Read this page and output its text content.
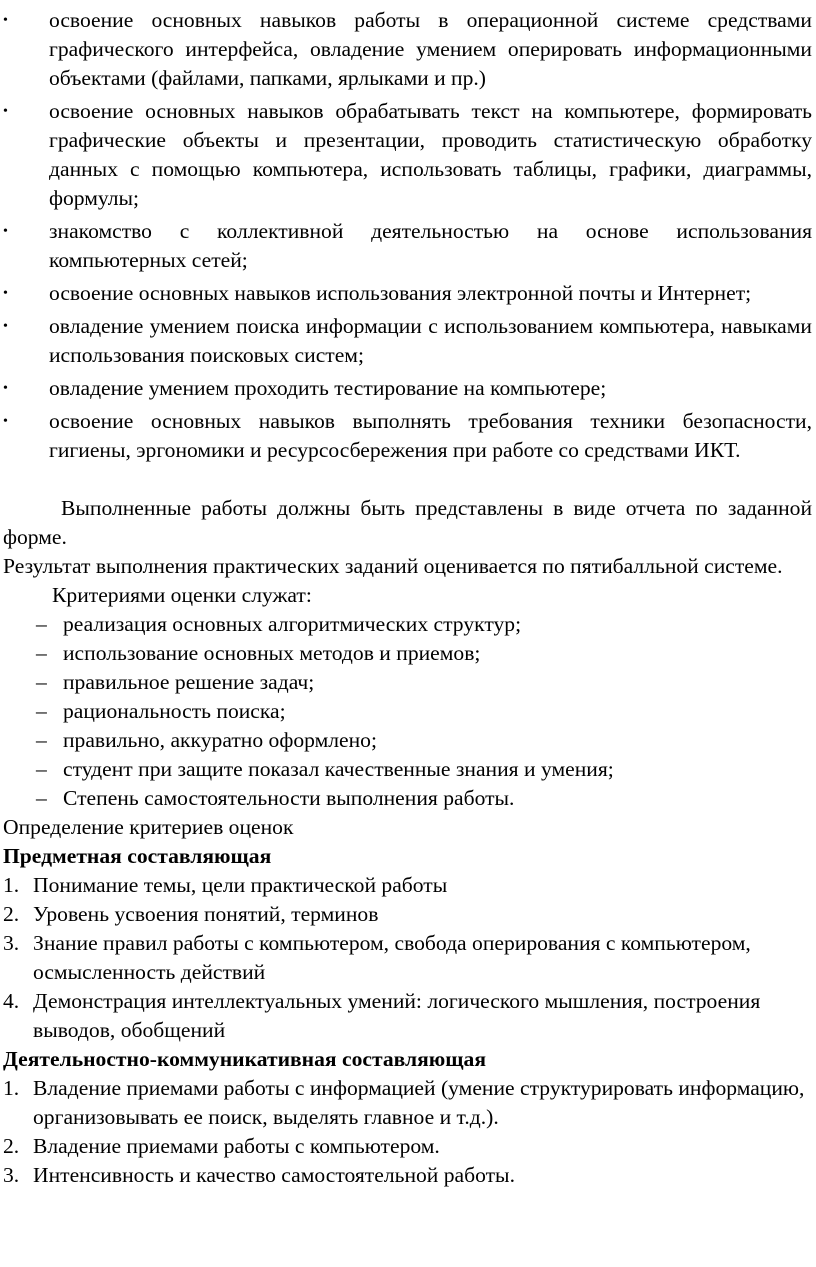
•	освоение основных навыков работы в операционной системе средствами графического интерфейса, овладение умением оперировать информационными объектами (файлами, папками, ярлыками и пр.)
•	освоение основных навыков обрабатывать текст на компьютере, формировать графические объекты и презентации, проводить статистическую обработку данных с помощью компьютера, использовать таблицы, графики, диаграммы, формулы;
•	знакомство с коллективной деятельностью на основе использования компьютерных сетей;
•	освоение основных навыков использования электронной почты и Интернет;
•	овладение умением поиска информации с использованием компьютера, навыками использования поисковых систем;
•	овладение умением проходить тестирование на компьютере;
•	освоение основных навыков выполнять требования техники безопасности, гигиены, эргономики и ресурсосбережения при работе со средствами ИКТ.

Выполненные работы должны быть представлены в виде отчета по заданной форме.

Результат выполнения практических заданий оценивается по пятибалльной системе.

Критериями оценки служат:

– реализация основных алгоритмических структур;
– использование основных методов и приемов;
– правильное решение задач;
– рациональность поиска;
– правильно, аккуратно оформлено;
– студент при защите показал качественные знания и умения;
– Степень самостоятельности выполнения работы.

Определение критериев оценок

Предметная составляющая

1. Понимание темы, цели практической работы
2. Уровень усвоения понятий, терминов
3. Знание правил работы с компьютером, свобода оперирования с компьютером, осмысленность действий
4. Демонстрация интеллектуальных умений: логического мышления, построения выводов, обобщений

Деятельностно-коммуникативная составляющая

1. Владение приемами работы с информацией (умение структурировать информацию, организовывать ее поиск, выделять главное и т.д.).
2. Владение приемами работы с компьютером.
3. Интенсивность и качество самостоятельной работы.
